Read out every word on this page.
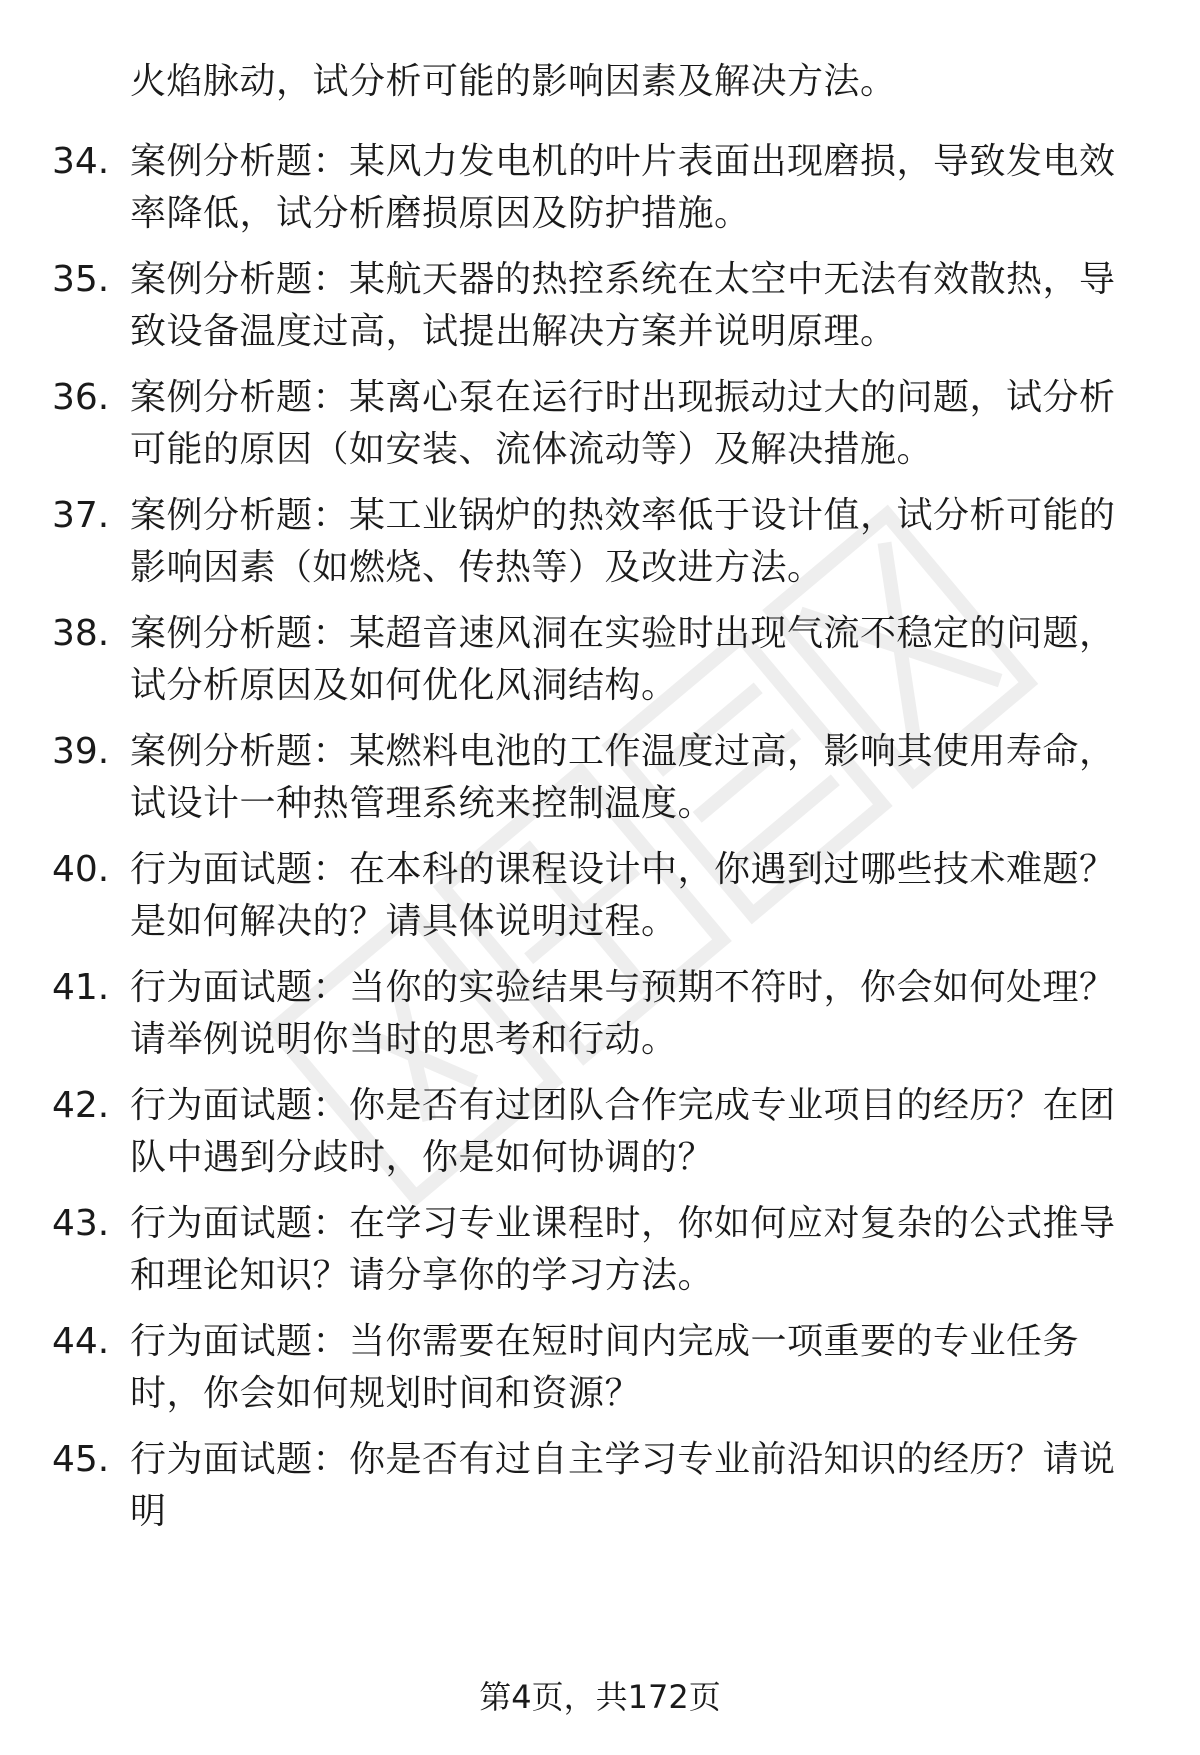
火焰脉动，试分析可能的影响因素及解决方法。
34. 案例分析题：某风力发电机的叶片表面出现磨损，导致发电效率降低，试分析磨损原因及防护措施。
35. 案例分析题：某航天器的热控系统在太空中无法有效散热，导致设备温度过高，试提出解决方案并说明原理。
36. 案例分析题：某离心泵在运行时出现振动过大的问题，试分析可能的原因（如安装、流体流动等）及解决措施。
37. 案例分析题：某工业锅炉的热效率低于设计值，试分析可能的影响因素（如燃烧、传热等）及改进方法。
38. 案例分析题：某超音速风洞在实验时出现气流不稳定的问题，试分析原因及如何优化风洞结构。
39. 案例分析题：某燃料电池的工作温度过高，影响其使用寿命，试设计一种热管理系统来控制温度。
40. 行为面试题：在本科的课程设计中，你遇到过哪些技术难题？是如何解决的？请具体说明过程。
41. 行为面试题：当你的实验结果与预期不符时，你会如何处理？请举例说明你当时的思考和行动。
42. 行为面试题：你是否有过团队合作完成专业项目的经历？在团队中遇到分歧时，你是如何协调的？
43. 行为面试题：在学习专业课程时，你如何应对复杂的公式推导和理论知识？请分享你的学习方法。
44. 行为面试题：当你需要在短时间内完成一项重要的专业任务时，你会如何规划时间和资源？
45. 行为面试题：你是否有过自主学习专业前沿知识的经历？请说明
第4页，共172页
